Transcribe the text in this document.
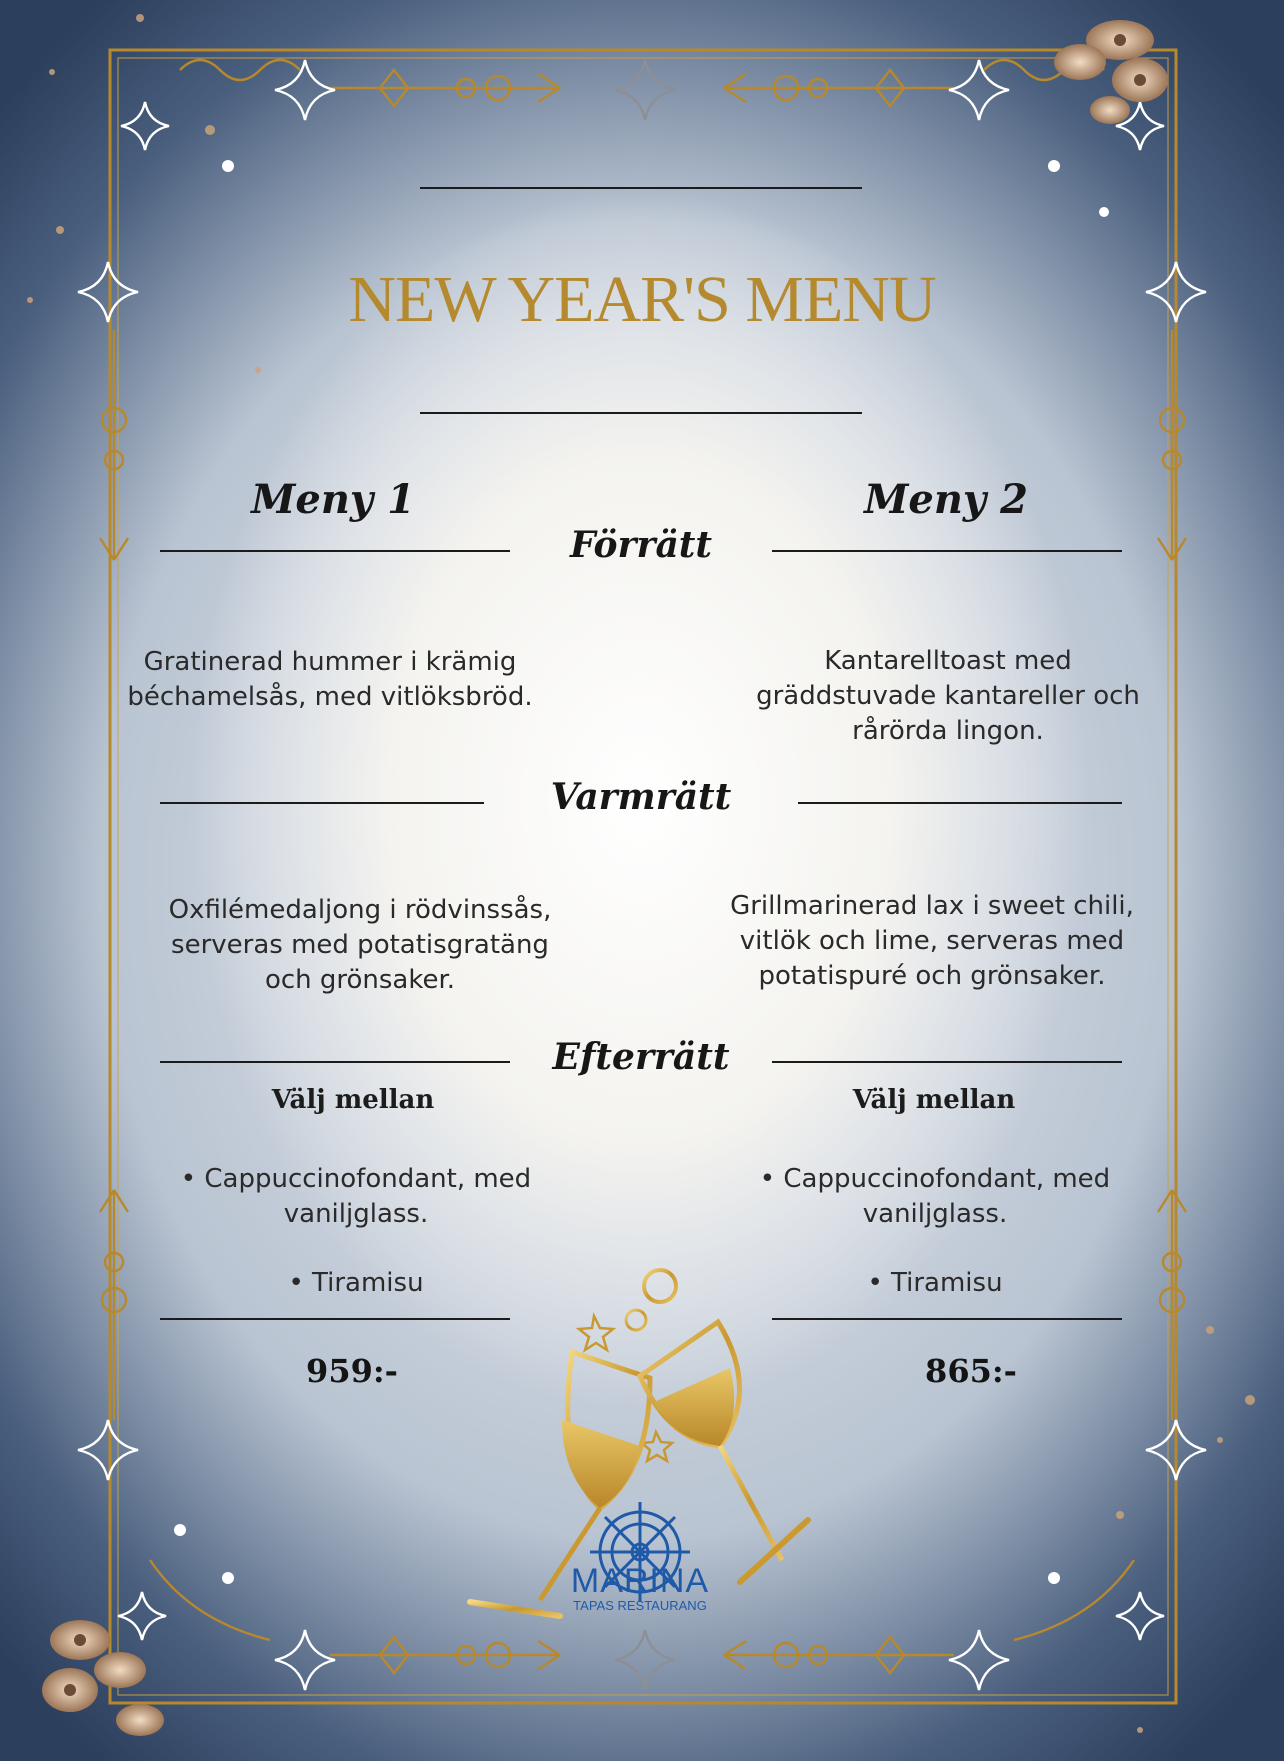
NEW YEAR'S MENU
Meny 1	Meny 2
Förrätt
Varmrätt
Efterrätt

Gratinerad hummer i krämig béchamelsås, med vitlöksbröd.

Kantarelltoast med gräddstuvade kantareller och rårörda lingon.

Oxfilémedaljong i rödvinssås, serveras med potatisgratäng och grönsaker.

Grillmarinerad lax i sweet chili, vitlök och lime, serveras med potatispuré och grönsaker.

Välj mellan	Välj mellan

• Cappuccinofondant, med vaniljglass.

• Tiramisu

• Cappuccinofondant, med vaniljglass.

• Tiramisu

959:-	865:-

MARINA
TAPAS RESTAURANG
